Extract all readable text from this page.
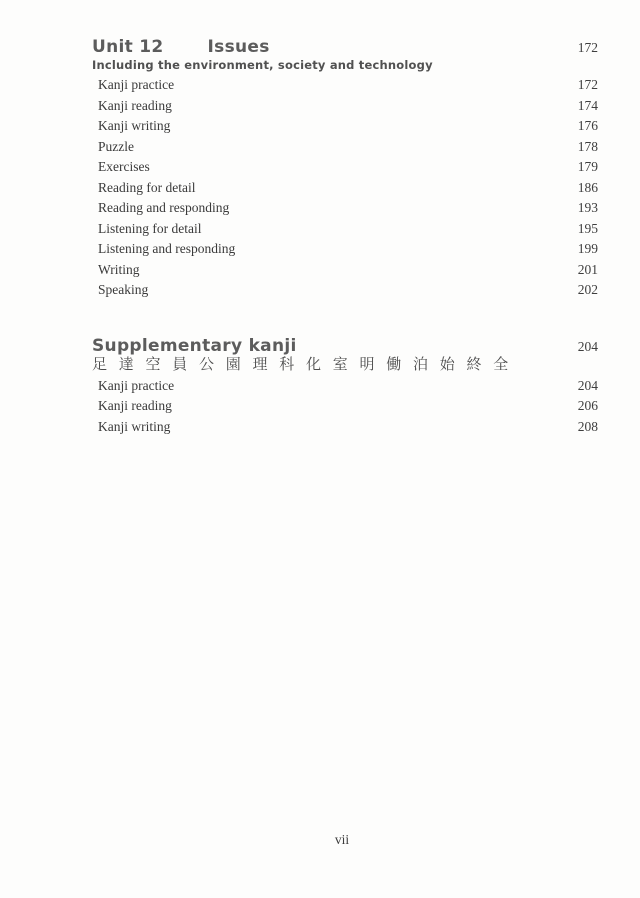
Unit 12	Issues	172
Including the environment, society and technology
Kanji practice	172
Kanji reading	174
Kanji writing	176
Puzzle	178
Exercises	179
Reading for detail	186
Reading and responding	193
Listening for detail	195
Listening and responding	199
Writing	201
Speaking	202
Supplementary kanji	204
足 達 空 員 公 園 理 科 化 室 明 働 泊 始 終 全
Kanji practice	204
Kanji reading	206
Kanji writing	208
vii
